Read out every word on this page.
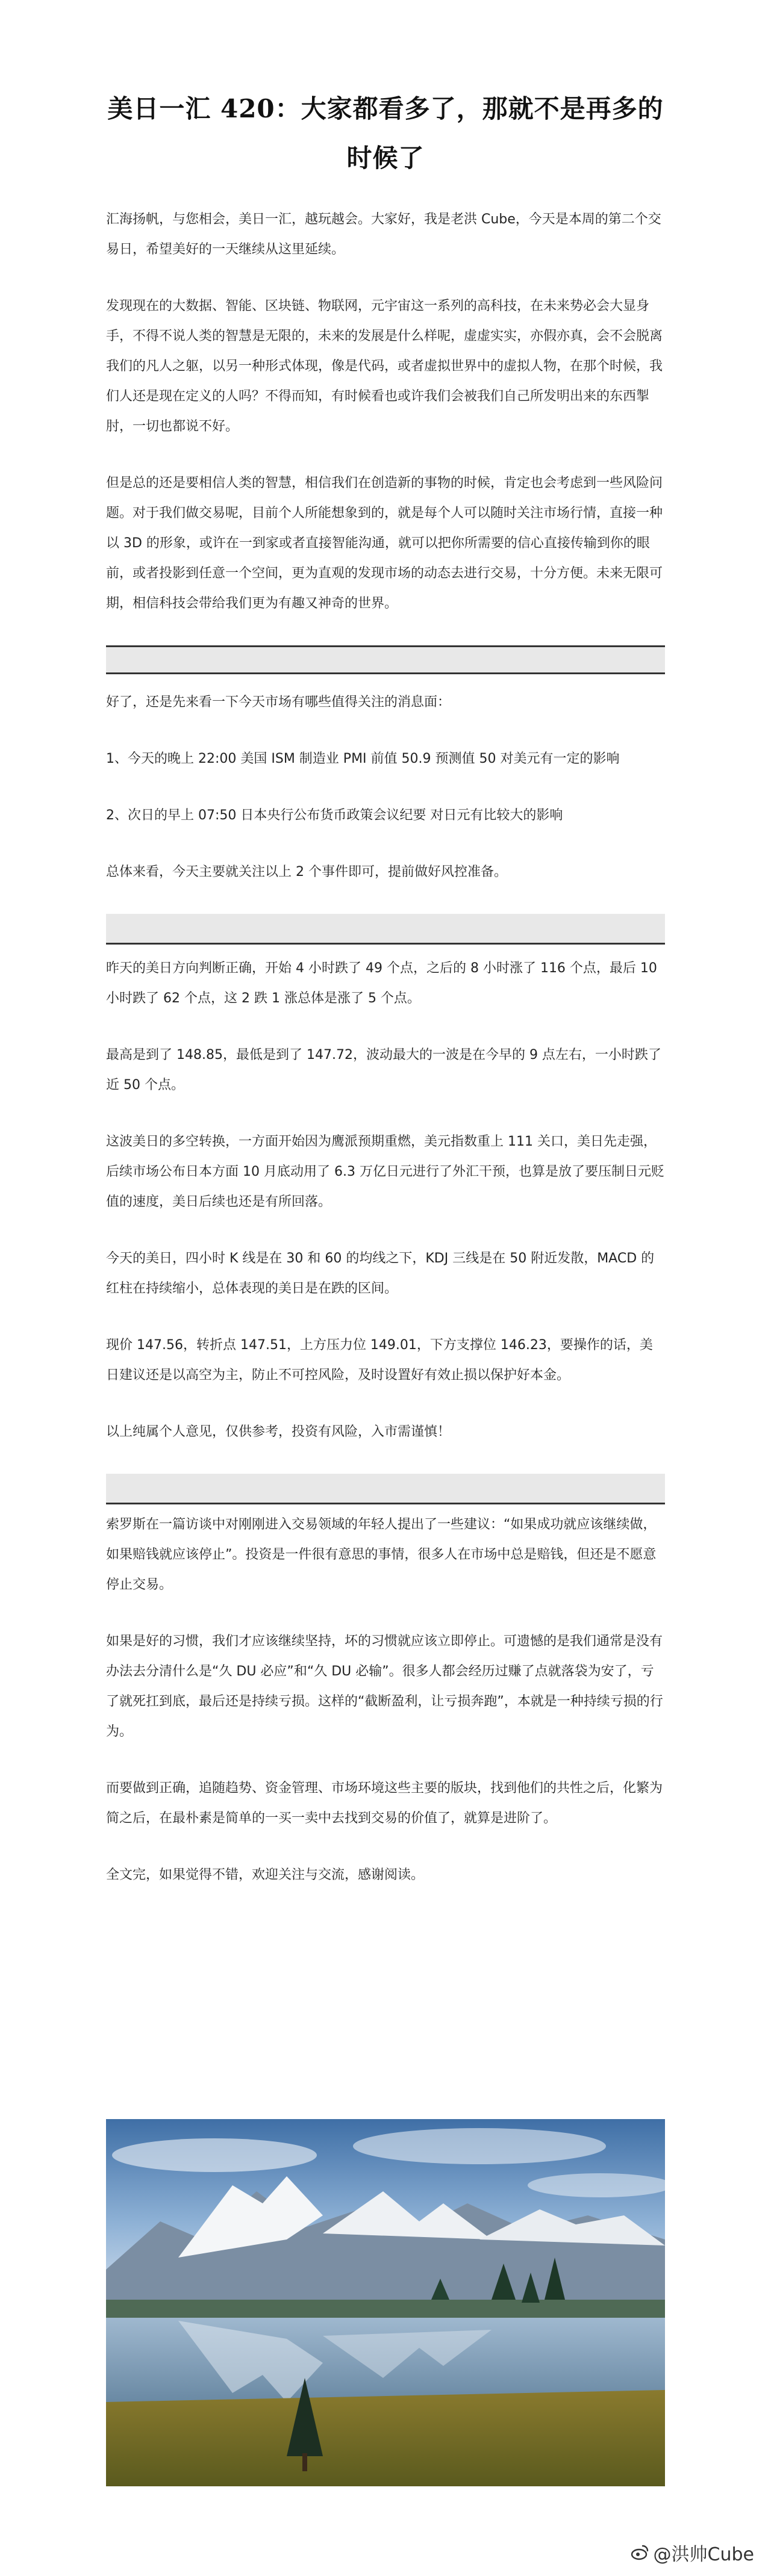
美日一汇 420：大家都看多了，那就不是再多的时候了

汇海扬帆，与您相会，美日一汇，越玩越会。大家好，我是老洪 Cube，今天是本周的第二个交易日，希望美好的一天继续从这里延续。

发现现在的大数据、智能、区块链、物联网，元宇宙这一系列的高科技，在未来势必会大显身手，不得不说人类的智慧是无限的，未来的发展是什么样呢，虚虚实实，亦假亦真，会不会脱离我们的凡人之躯，以另一种形式体现，像是代码，或者虚拟世界中的虚拟人物，在那个时候，我们人还是现在定义的人吗？不得而知，有时候看也或许我们会被我们自己所发明出来的东西掣肘，一切也都说不好。

但是总的还是要相信人类的智慧，相信我们在创造新的事物的时候，肯定也会考虑到一些风险问题。对于我们做交易呢，目前个人所能想象到的，就是每个人可以随时关注市场行情，直接一种以 3D 的形象，或许在一到家或者直接智能沟通，就可以把你所需要的信心直接传输到你的眼前，或者投影到任意一个空间，更为直观的发现市场的动态去进行交易，十分方便。未来无限可期，相信科技会带给我们更为有趣又神奇的世界。

好了，还是先来看一下今天市场有哪些值得关注的消息面：

1、今天的晚上 22:00 美国 ISM 制造业 PMI 前值 50.9 预测值 50 对美元有一定的影响

2、次日的早上 07:50 日本央行公布货币政策会议纪要 对日元有比较大的影响

总体来看，今天主要就关注以上 2 个事件即可，提前做好风控准备。

昨天的美日方向判断正确，开始 4 小时跌了 49 个点，之后的 8 小时涨了 116 个点，最后 10 小时跌了 62 个点，这 2 跌 1 涨总体是涨了 5 个点。

最高是到了 148.85，最低是到了 147.72，波动最大的一波是在今早的 9 点左右，一小时跌了近 50 个点。

这波美日的多空转换，一方面开始因为鹰派预期重燃，美元指数重上 111 关口，美日先走强，后续市场公布日本方面 10 月底动用了 6.3 万亿日元进行了外汇干预，也算是放了要压制日元贬值的速度，美日后续也还是有所回落。

今天的美日，四小时 K 线是在 30 和 60 的均线之下，KDJ 三线是在 50 附近发散，MACD 的红柱在持续缩小，总体表现的美日是在跌的区间。

现价 147.56，转折点 147.51，上方压力位 149.01，下方支撑位 146.23，要操作的话，美日建议还是以高空为主，防止不可控风险，及时设置好有效止损以保护好本金。

以上纯属个人意见，仅供参考，投资有风险，入市需谨慎！

索罗斯在一篇访谈中对刚刚进入交易领域的年轻人提出了一些建议：“如果成功就应该继续做，如果赔钱就应该停止”。投资是一件很有意思的事情，很多人在市场中总是赔钱，但还是不愿意停止交易。

如果是好的习惯，我们才应该继续坚持，坏的习惯就应该立即停止。可遗憾的是我们通常是没有办法去分清什么是“久 DU 必应”和“久 DU 必输”。很多人都会经历过赚了点就落袋为安了，亏了就死扛到底，最后还是持续亏损。这样的“截断盈利，让亏损奔跑”，本就是一种持续亏损的行为。

而要做到正确，追随趋势、资金管理、市场环境这些主要的版块，找到他们的共性之后，化繁为简之后，在最朴素是简单的一买一卖中去找到交易的价值了，就算是进阶了。

全文完，如果觉得不错，欢迎关注与交流，感谢阅读。

@洪帅Cube
